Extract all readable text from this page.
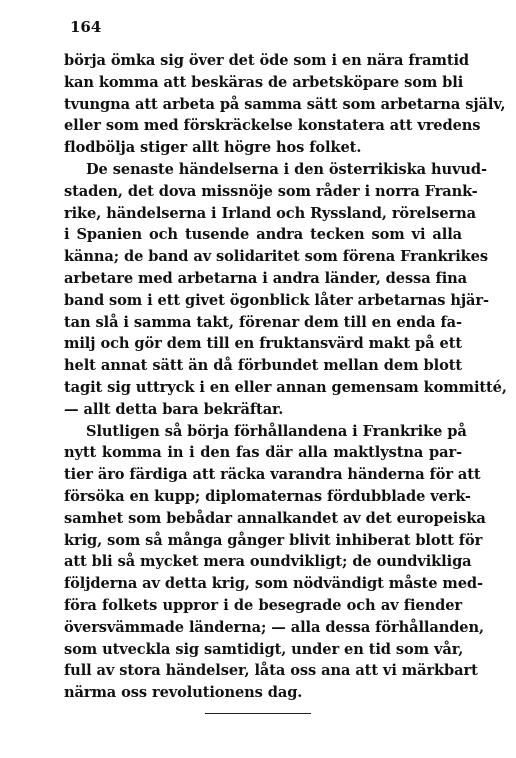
164
börja ömka sig över det öde som i en nära framtid
kan komma att beskäras de arbetsköpare som bli
tvungna att arbeta på samma sätt som arbetarna själv,
eller som med förskräckelse konstatera att vredens
flodbölja stiger allt högre hos folket.
De senaste händelserna i den österrikiska huvud-
staden, det dova missnöje som råder i norra Frank-
rike, händelserna i Irland och Ryssland, rörelserna
i Spanien och tusende andra tecken som vi alla
känna; de band av solidaritet som förena Frankrikes
arbetare med arbetarna i andra länder, dessa fina
band som i ett givet ögonblick låter arbetarnas hjär-
tan slå i samma takt, förenar dem till en enda fa-
milj och gör dem till en fruktansvärd makt på ett
helt annat sätt än då förbundet mellan dem blott
tagit sig uttryck i en eller annan gemensam kommitté,
— allt detta bara bekräftar.
Slutligen så börja förhållandena i Frankrike på
nytt komma in i den fas där alla maktlystna par-
tier äro färdiga att räcka varandra händerna för att
försöka en kupp; diplomaternas fördubblade verk-
samhet som bebådar annalkandet av det europeiska
krig, som så många gånger blivit inhiberat blott för
att bli så mycket mera oundvikligt; de oundvikliga
följderna av detta krig, som nödvändigt måste med-
föra folkets uppror i de besegrade och av fiender
översvämmade länderna; — alla dessa förhållanden,
som utveckla sig samtidigt, under en tid som vår,
full av stora händelser, låta oss ana att vi märkbart
närma oss revolutionens dag.
